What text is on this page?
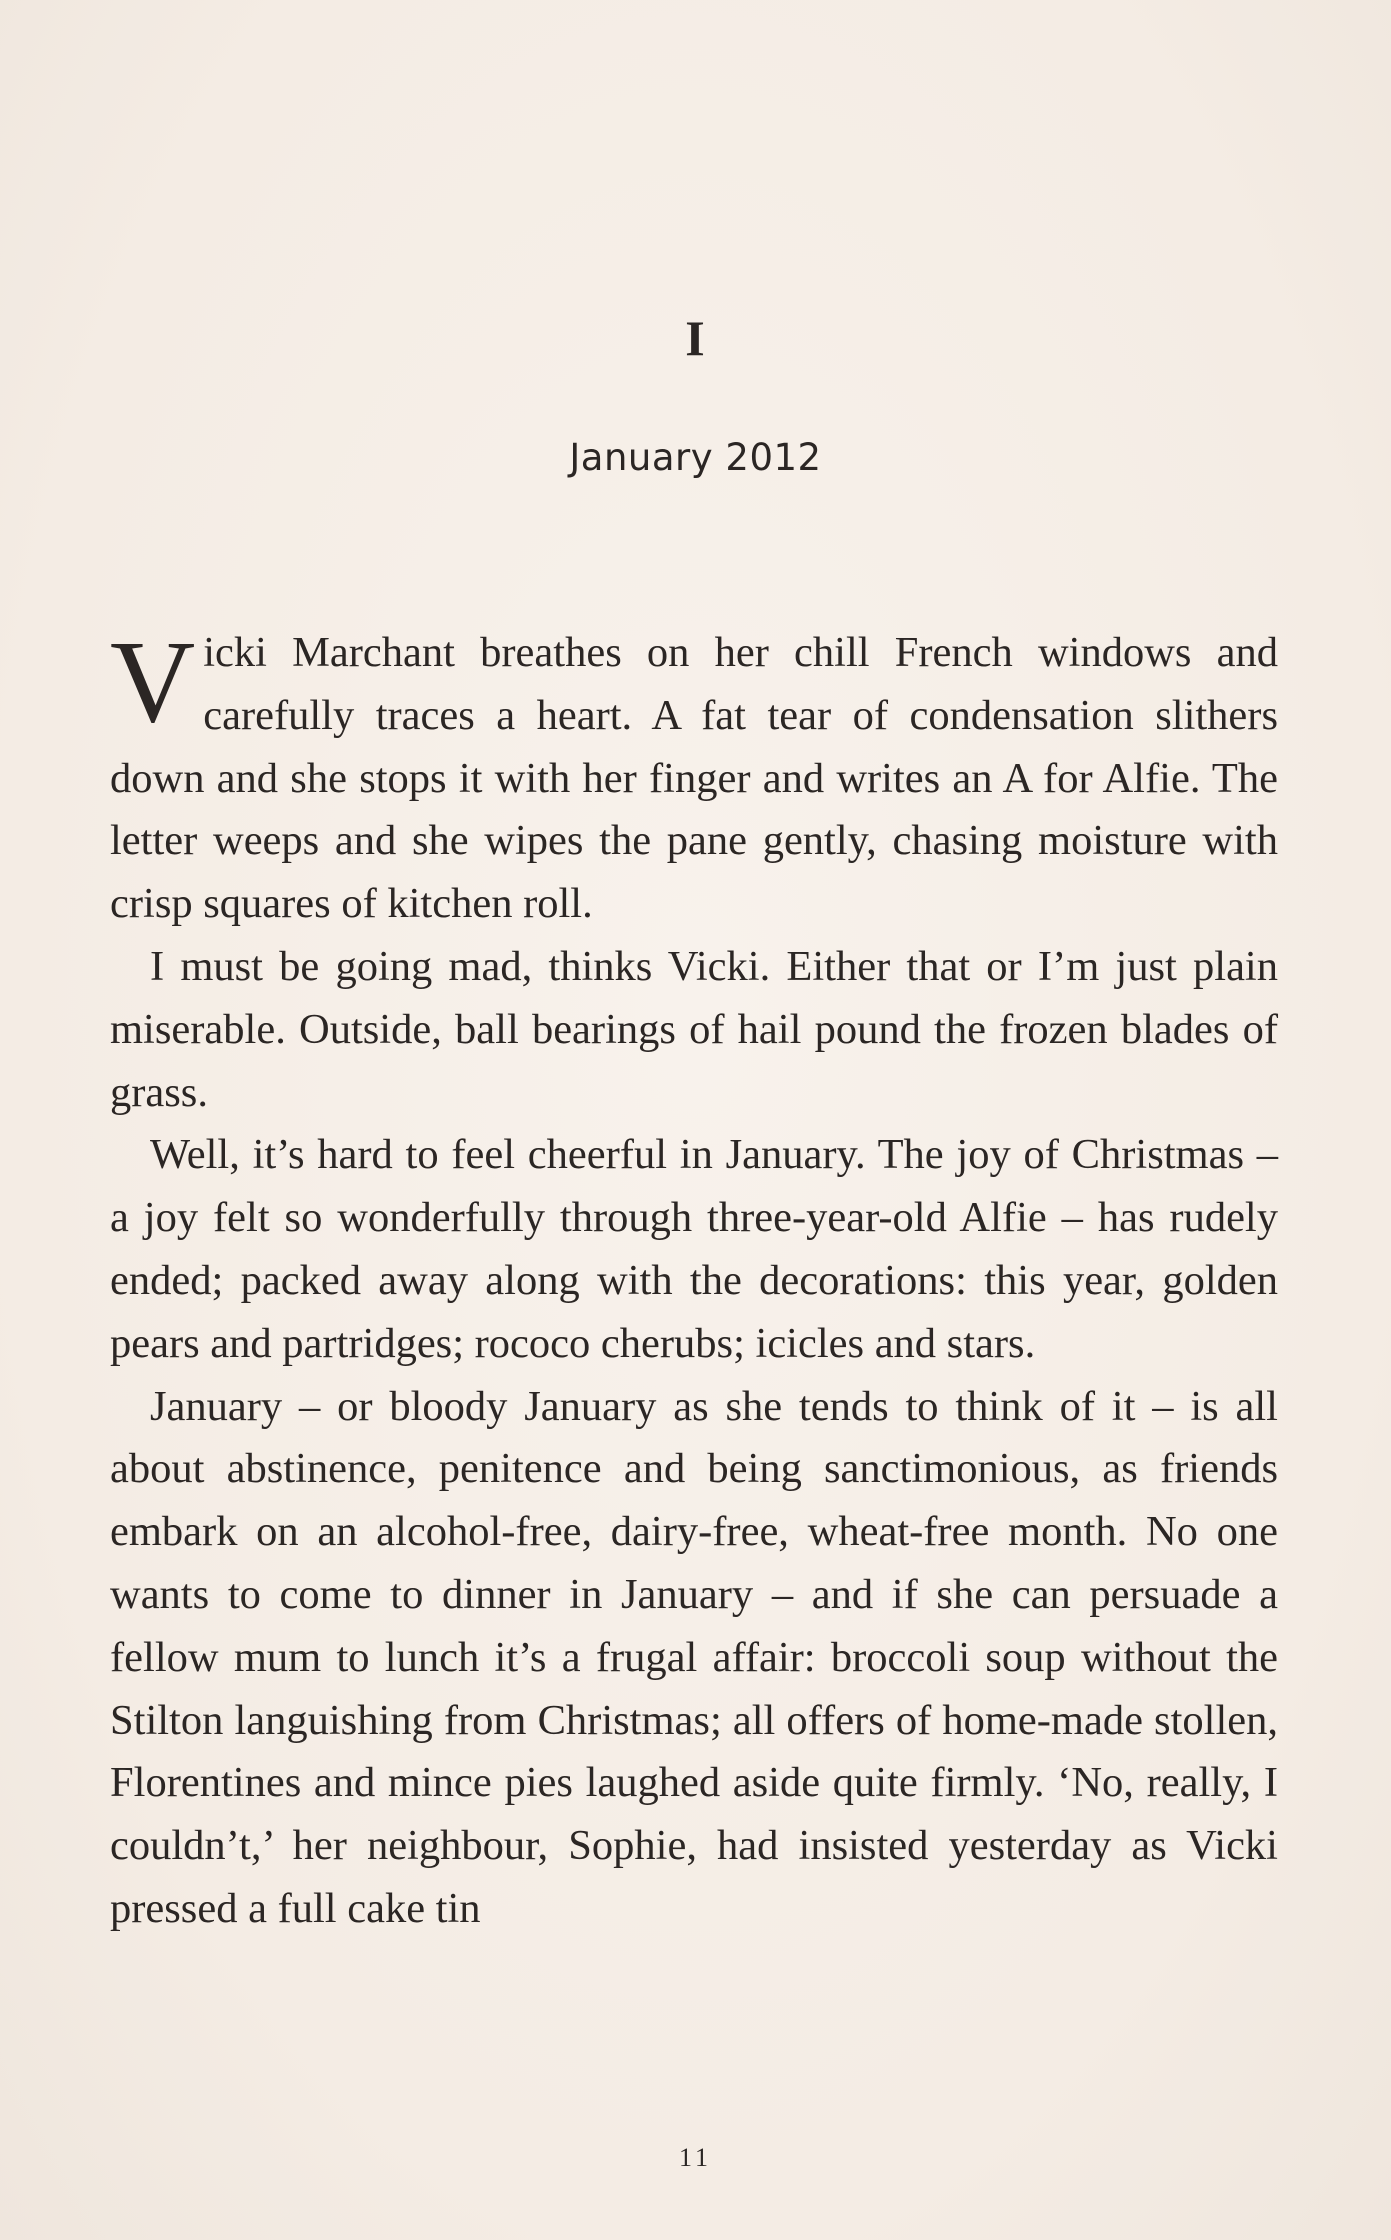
I
January 2012

Vicki Marchant breathes on her chill French windows and carefully traces a heart. A fat tear of condensation slithers down and she stops it with her finger and writes an A for Alfie. The letter weeps and she wipes the pane gently, chasing moisture with crisp squares of kitchen roll.

I must be going mad, thinks Vicki. Either that or I’m just plain miserable. Outside, ball bearings of hail pound the frozen blades of grass.

Well, it’s hard to feel cheerful in January. The joy of Christmas – a joy felt so wonderfully through three-year-old Alfie – has rudely ended; packed away along with the decorations: this year, golden pears and partridges; rococo cherubs; icicles and stars.

January – or bloody January as she tends to think of it – is all about abstinence, penitence and being sanctimonious, as friends embark on an alcohol-free, dairy-free, wheat-free month. No one wants to come to dinner in January – and if she can persuade a fellow mum to lunch it’s a frugal affair: broccoli soup without the Stilton languishing from Christmas; all offers of home-made stollen, Florentines and mince pies laughed aside quite firmly. ‘No, really, I couldn’t,’ her neighbour, Sophie, had insisted yesterday as Vicki pressed a full cake tin

11
